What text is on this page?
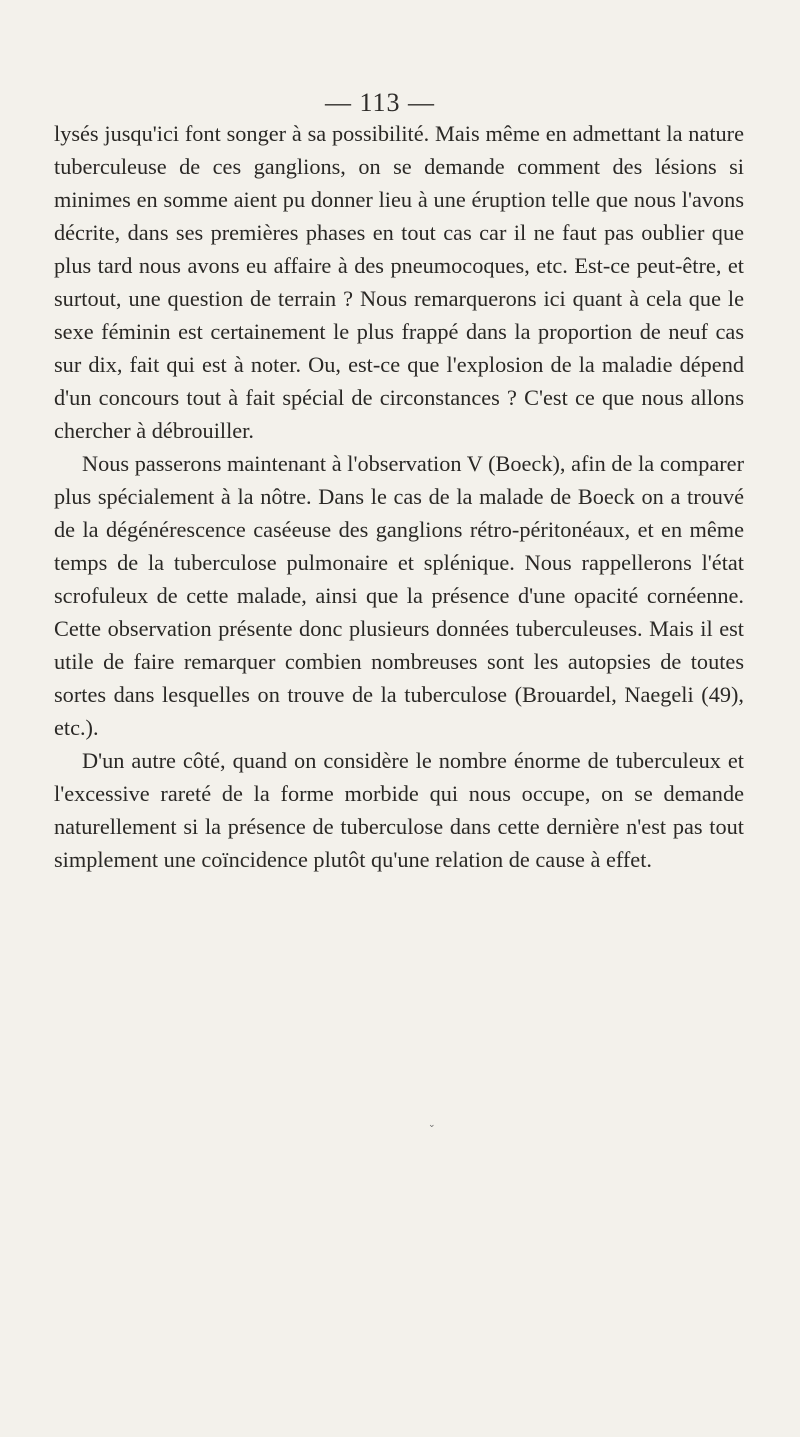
— 113 —

lysés jusqu'ici font songer à sa possibilité. Mais même en admettant la nature tuberculeuse de ces ganglions, on se demande comment des lésions si minimes en somme aient pu donner lieu à une éruption telle que nous l'avons décrite, dans ses premières phases en tout cas car il ne faut pas oublier que plus tard nous avons eu affaire à des pneumocoques, etc. Est-ce peut-être, et surtout, une question de terrain ? Nous remarquerons ici quant à cela que le sexe féminin est certainement le plus frappé dans la proportion de neuf cas sur dix, fait qui est à noter. Ou, est-ce que l'explosion de la maladie dépend d'un concours tout à fait spécial de circonstances ? C'est ce que nous allons chercher à débrouiller.

Nous passerons maintenant à l'observation V (Boeck), afin de la comparer plus spécialement à la nôtre. Dans le cas de la malade de Boeck on a trouvé de la dégénérescence caséeuse des ganglions rétro-péritonéaux, et en même temps de la tuberculose pulmonaire et splénique. Nous rappellerons l'état scrofuleux de cette malade, ainsi que la présence d'une opacité cornéenne. Cette observation présente donc plusieurs données tuberculeuses. Mais il est utile de faire remarquer combien nombreuses sont les autopsies de toutes sortes dans lesquelles on trouve de la tuberculose (Brouardel, Naegeli (49), etc.).

D'un autre côté, quand on considère le nombre énorme de tuberculeux et l'excessive rareté de la forme morbide qui nous occupe, on se demande naturellement si la présence de tuberculose dans cette dernière n'est pas tout simplement une coïncidence plutôt qu'une relation de cause à effet.

⌄
